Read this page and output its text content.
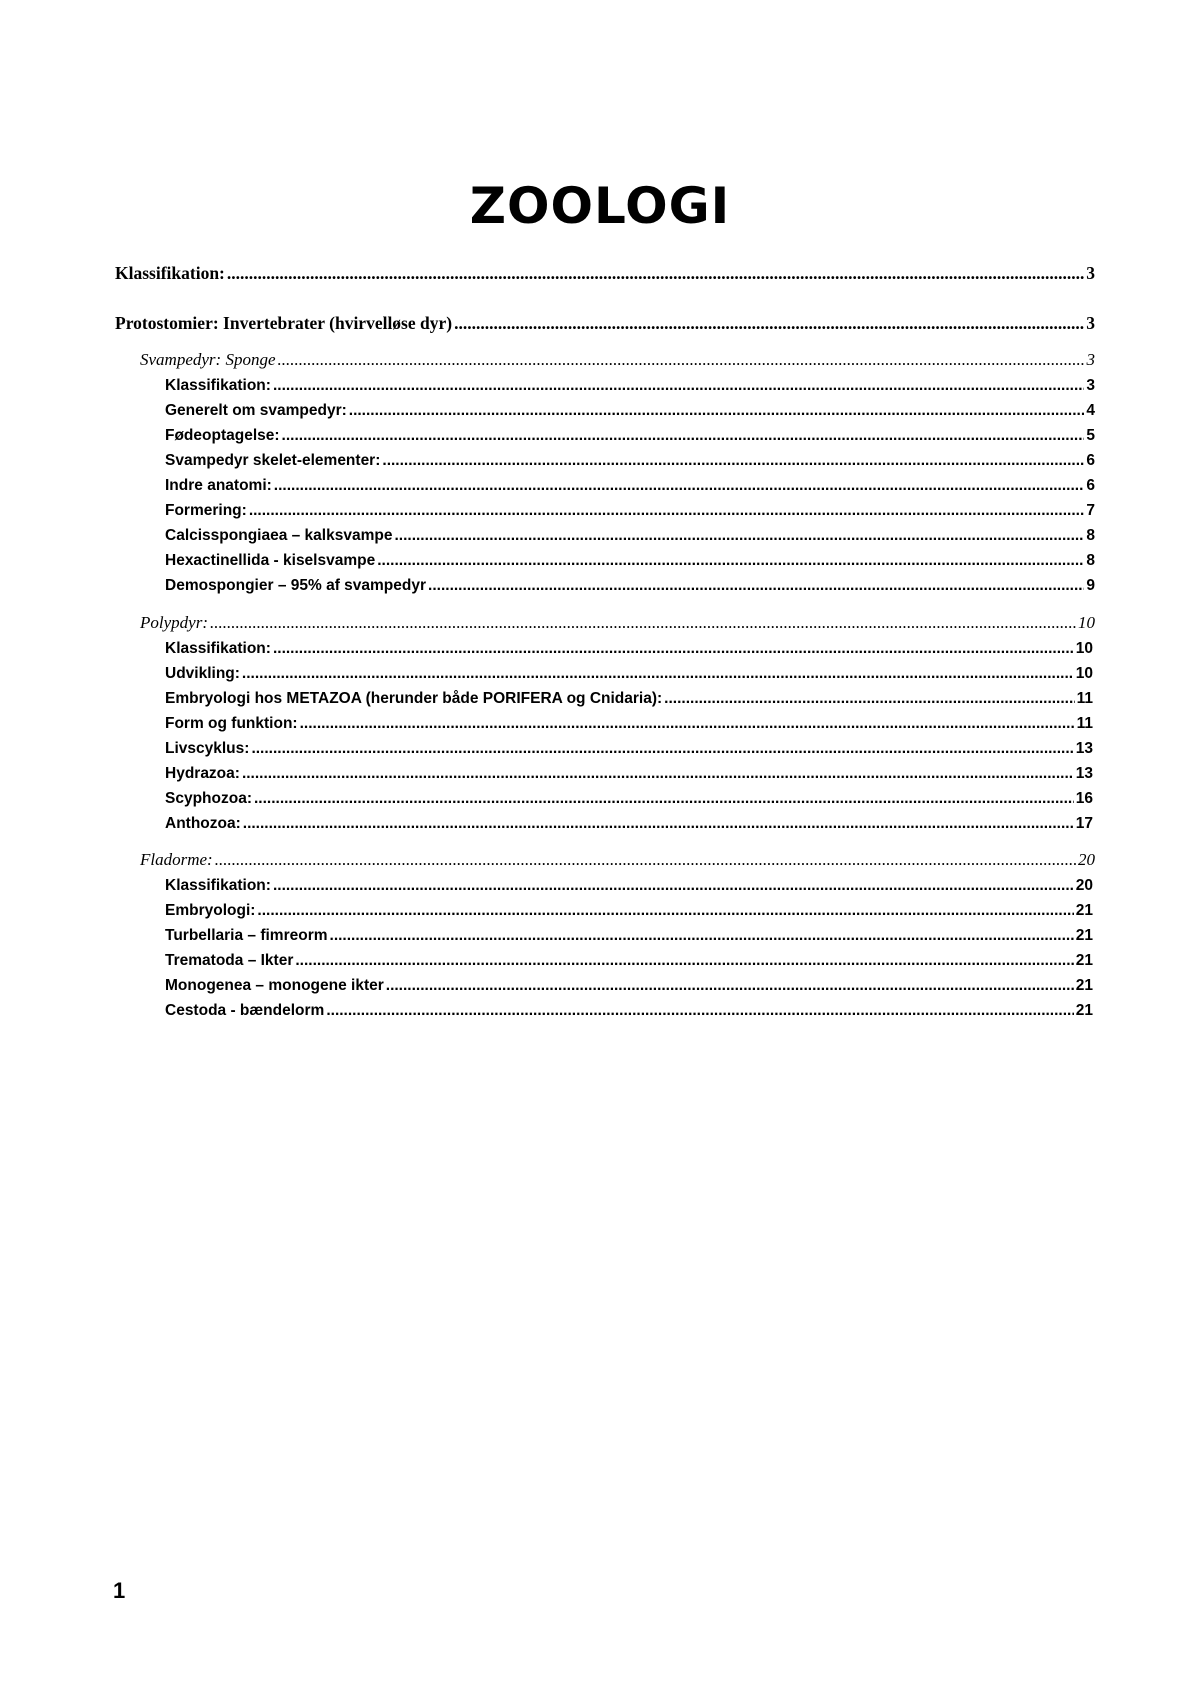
ZOOLOGI
Klassifikation: .....	3
Protostomier: Invertebrater (hvirvelløse dyr) .....	3
Svampedyr: Sponge .....	3
Klassifikation: .....	3
Generelt om svampedyr: .....	4
Fødeoptagelse: .....	5
Svampedyr skelet-elementer: .....	6
Indre anatomi: .....	6
Formering: .....	7
Calcisspongiaea – kalksvampe .....	8
Hexactinellida - kiselsvampe .....	8
Demospongier – 95% af svampedyr .....	9
Polypdyr: .....	10
Klassifikation: .....	10
Udvikling: .....	10
Embryologi hos METAZOA (herunder både PORIFERA og Cnidaria): .....	11
Form og funktion: .....	11
Livscyklus: .....	13
Hydrazoa: .....	13
Scyphozoa: .....	16
Anthozoa: .....	17
Fladorme: .....	20
Klassifikation: .....	20
Embryologi: .....	21
Turbellaria – fimreorm .....	21
Trematoda – Ikter .....	21
Monogenea – monogene ikter .....	21
Cestoda - bændelorm .....	21
1
